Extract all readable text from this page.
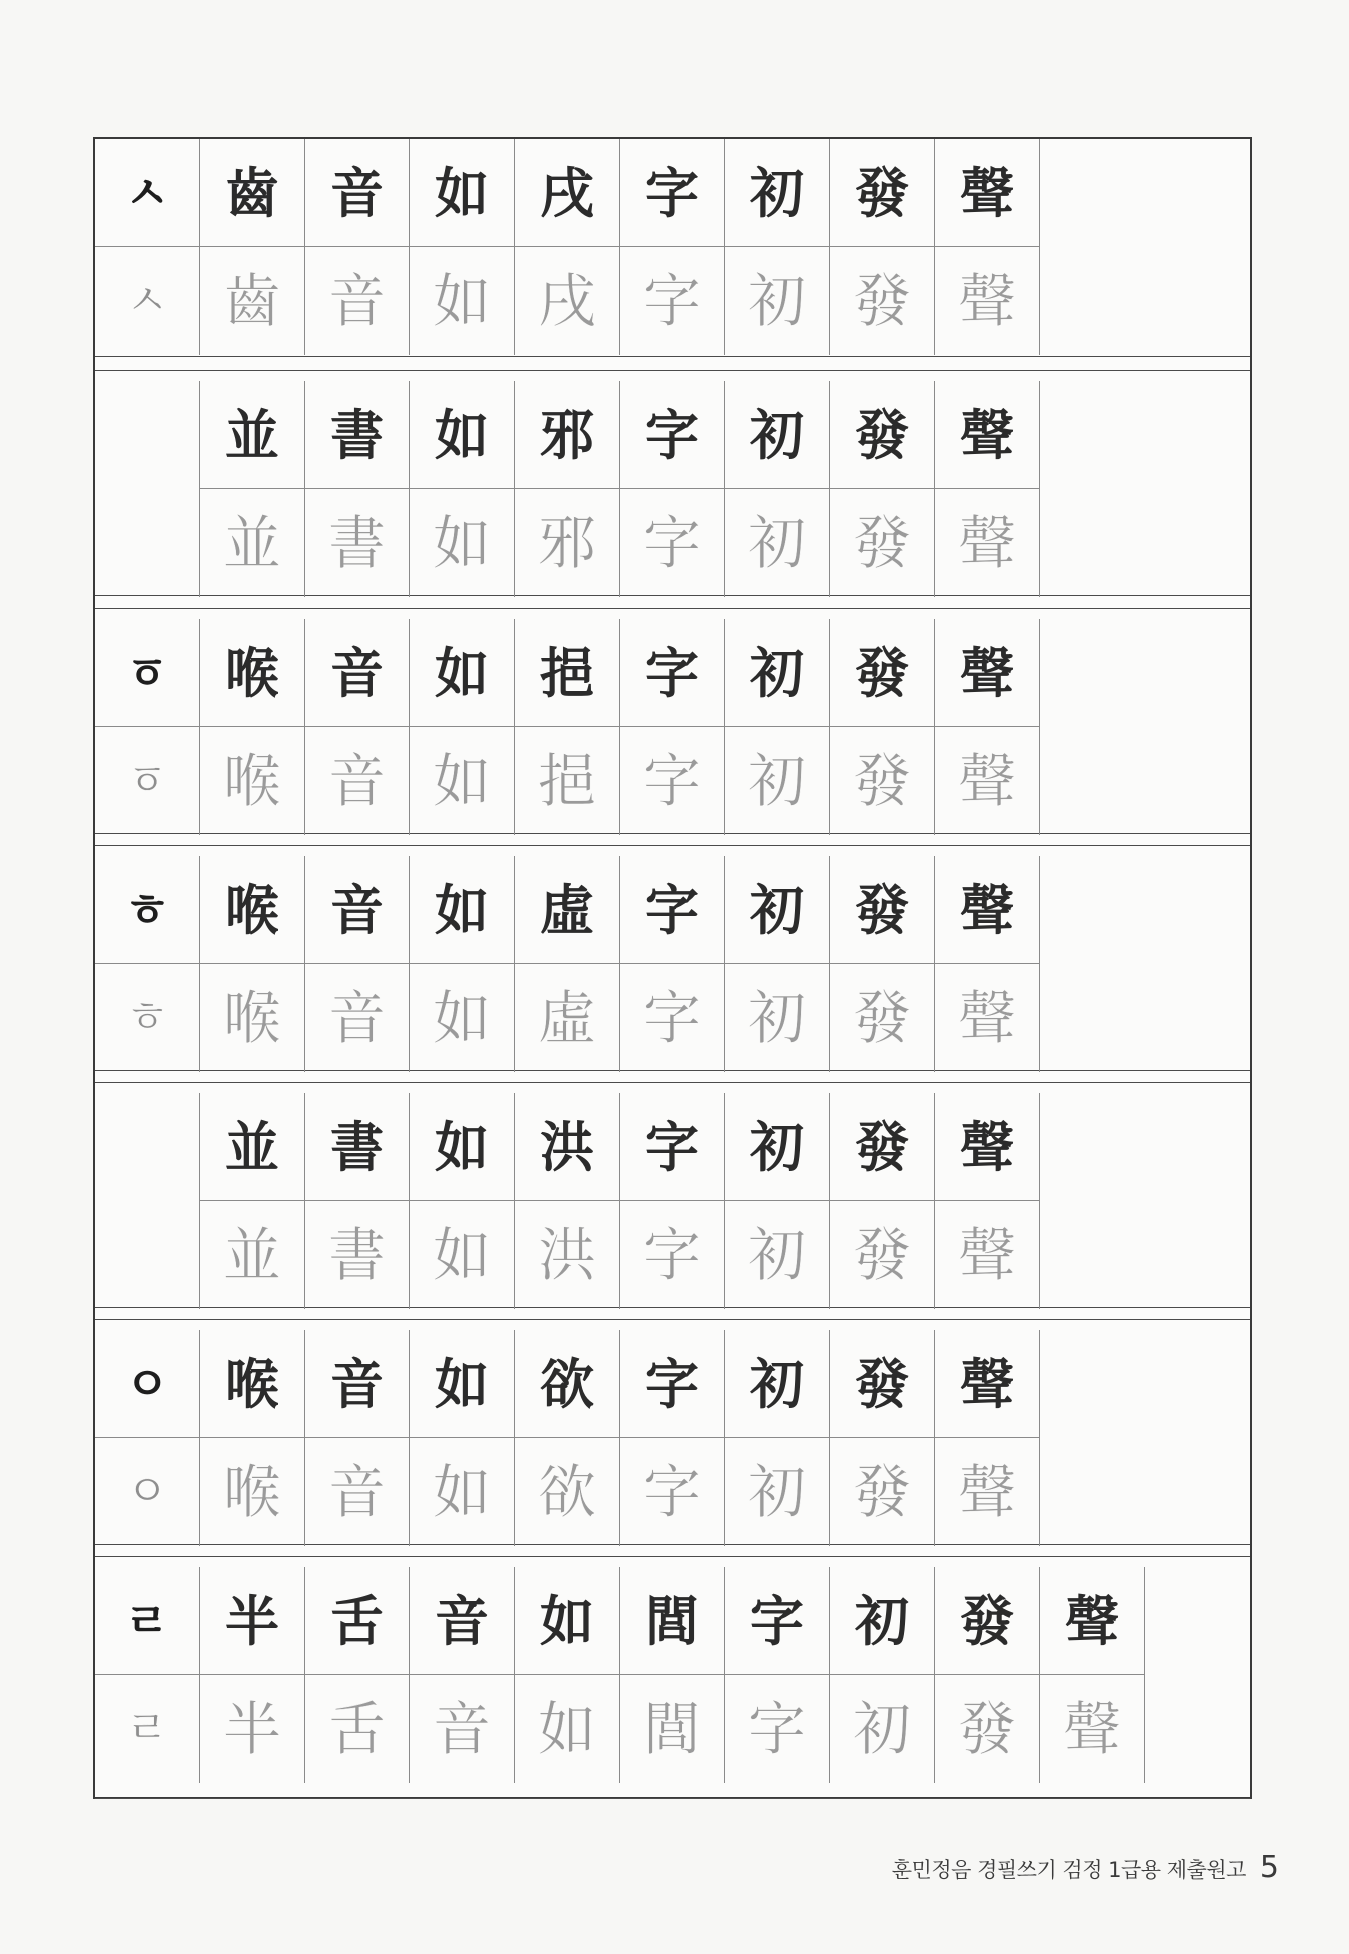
ㅅ 齒 音 如 戌 字 初 發 聲
ㅅ 齒 音 如 戌 字 初 發 聲
並 書 如 邪 字 初 發 聲
並 書 如 邪 字 初 發 聲
ㆆ 喉 音 如 挹 字 初 發 聲
ㆆ 喉 音 如 挹 字 初 發 聲
ㅎ 喉 音 如 虛 字 初 發 聲
ㅎ 喉 音 如 虛 字 初 發 聲
並 書 如 洪 字 初 發 聲
並 書 如 洪 字 初 發 聲
ㅇ 喉 音 如 欲 字 初 發 聲
ㅇ 喉 音 如 欲 字 初 發 聲
ㄹ 半 舌 音 如 閭 字 初 發 聲
ㄹ 半 舌 音 如 閭 字 初 發 聲
훈민정음 경필쓰기 검정 1급용 제출원고 5
